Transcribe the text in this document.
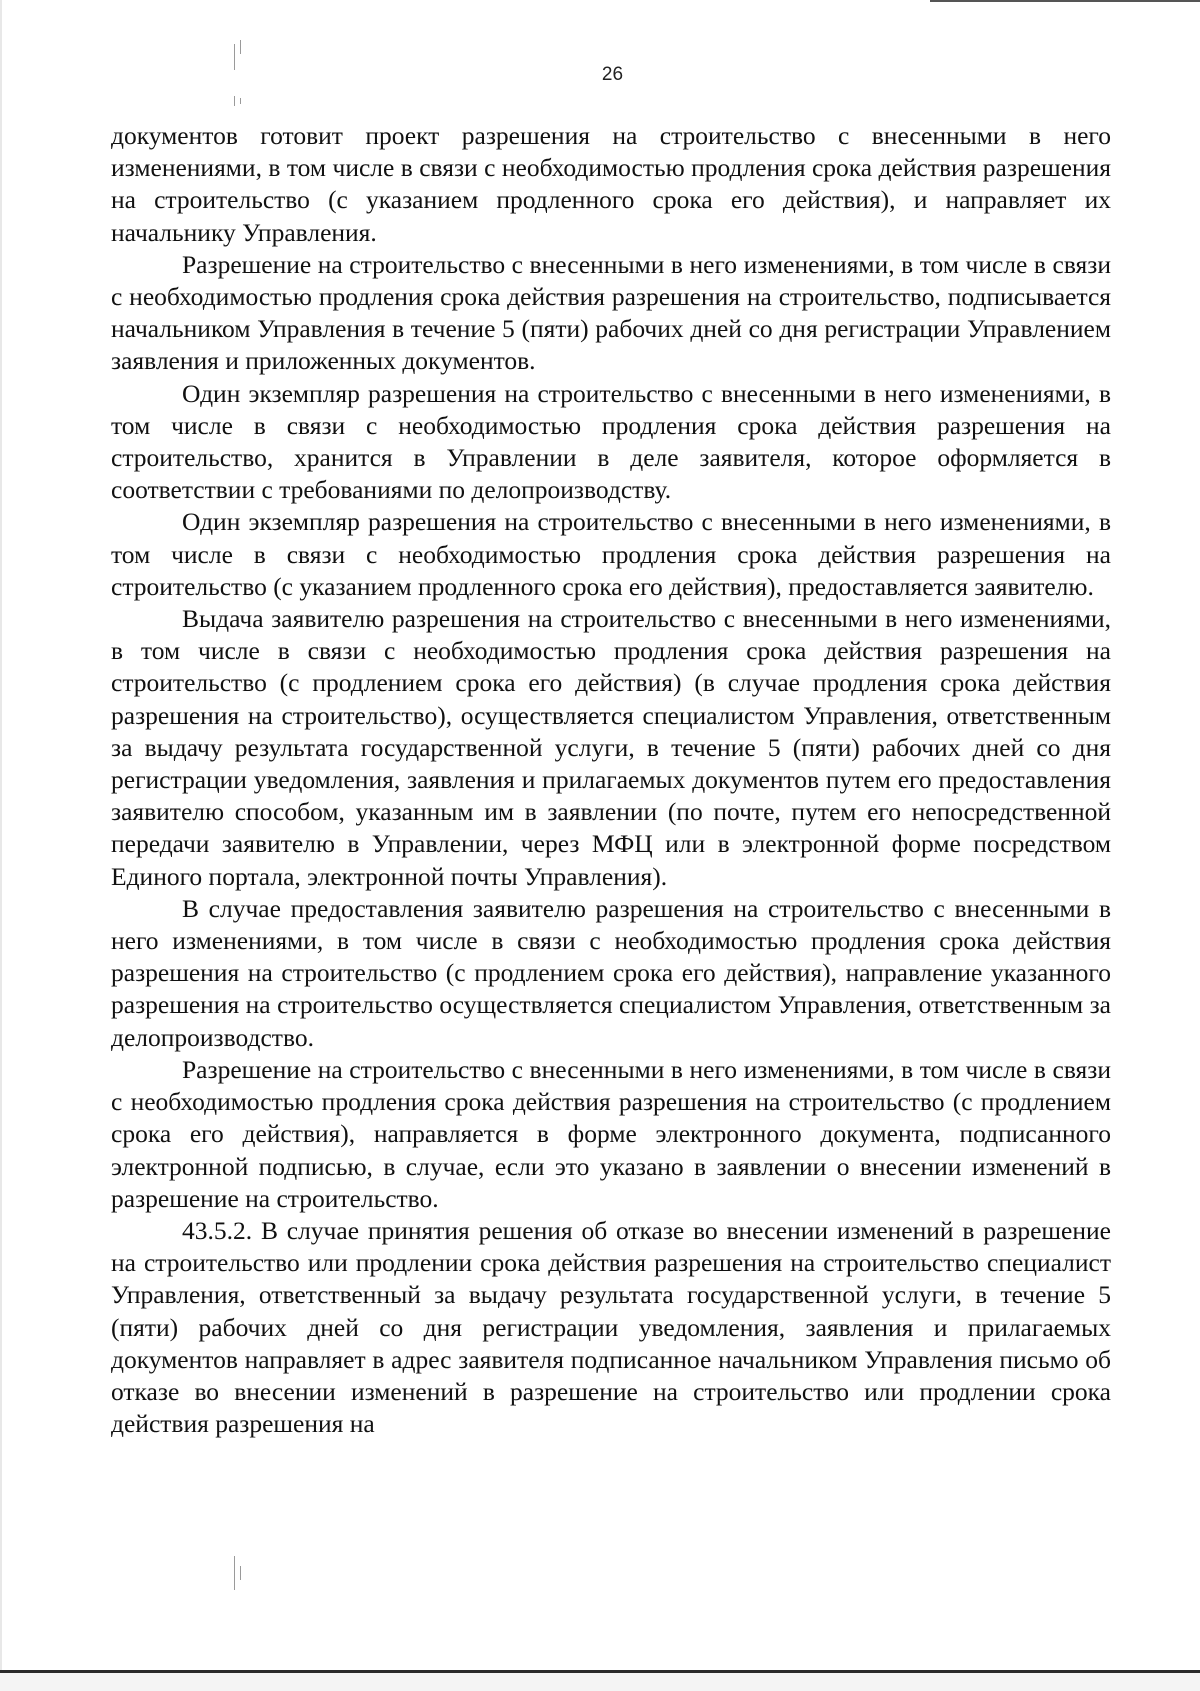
26

документов готовит проект разрешения на строительство с внесенными в него изменениями, в том числе в связи с необходимостью продления срока действия разрешения на строительство (с указанием продленного срока его действия), и направляет их начальнику Управления.

Разрешение на строительство с внесенными в него изменениями, в том числе в связи с необходимостью продления срока действия разрешения на строительство, подписывается начальником Управления в течение 5 (пяти) рабочих дней со дня регистрации Управлением заявления и приложенных документов.

Один экземпляр разрешения на строительство с внесенными в него изменениями, в том числе в связи с необходимостью продления срока действия разрешения на строительство, хранится в Управлении в деле заявителя, которое оформляется в соответствии с требованиями по делопроизводству.

Один экземпляр разрешения на строительство с внесенными в него изменениями, в том числе в связи с необходимостью продления срока действия разрешения на строительство (с указанием продленного срока его действия), предоставляется заявителю.

Выдача заявителю разрешения на строительство с внесенными в него изменениями, в том числе в связи с необходимостью продления срока действия разрешения на строительство (с продлением срока его действия) (в случае продления срока действия разрешения на строительство), осуществляется специалистом Управления, ответственным за выдачу результата государственной услуги, в течение 5 (пяти) рабочих дней со дня регистрации уведомления, заявления и прилагаемых документов путем его предоставления заявителю способом, указанным им в заявлении (по почте, путем его непосредственной передачи заявителю в Управлении, через МФЦ или в электронной форме посредством Единого портала, электронной почты Управления).

В случае предоставления заявителю разрешения на строительство с внесенными в него изменениями, в том числе в связи с необходимостью продления срока действия разрешения на строительство (с продлением срока его действия), направление указанного разрешения на строительство осуществляется специалистом Управления, ответственным за делопроизводство.

Разрешение на строительство с внесенными в него изменениями, в том числе в связи с необходимостью продления срока действия разрешения на строительство (с продлением срока его действия), направляется в форме электронного документа, подписанного электронной подписью, в случае, если это указано в заявлении о внесении изменений в разрешение на строительство.

43.5.2. В случае принятия решения об отказе во внесении изменений в разрешение на строительство или продлении срока действия разрешения на строительство специалист Управления, ответственный за выдачу результата государственной услуги, в течение 5 (пяти) рабочих дней со дня регистрации уведомления, заявления и прилагаемых документов направляет в адрес заявителя подписанное начальником Управления письмо об отказе во внесении изменений в разрешение на строительство или продлении срока действия разрешения на
